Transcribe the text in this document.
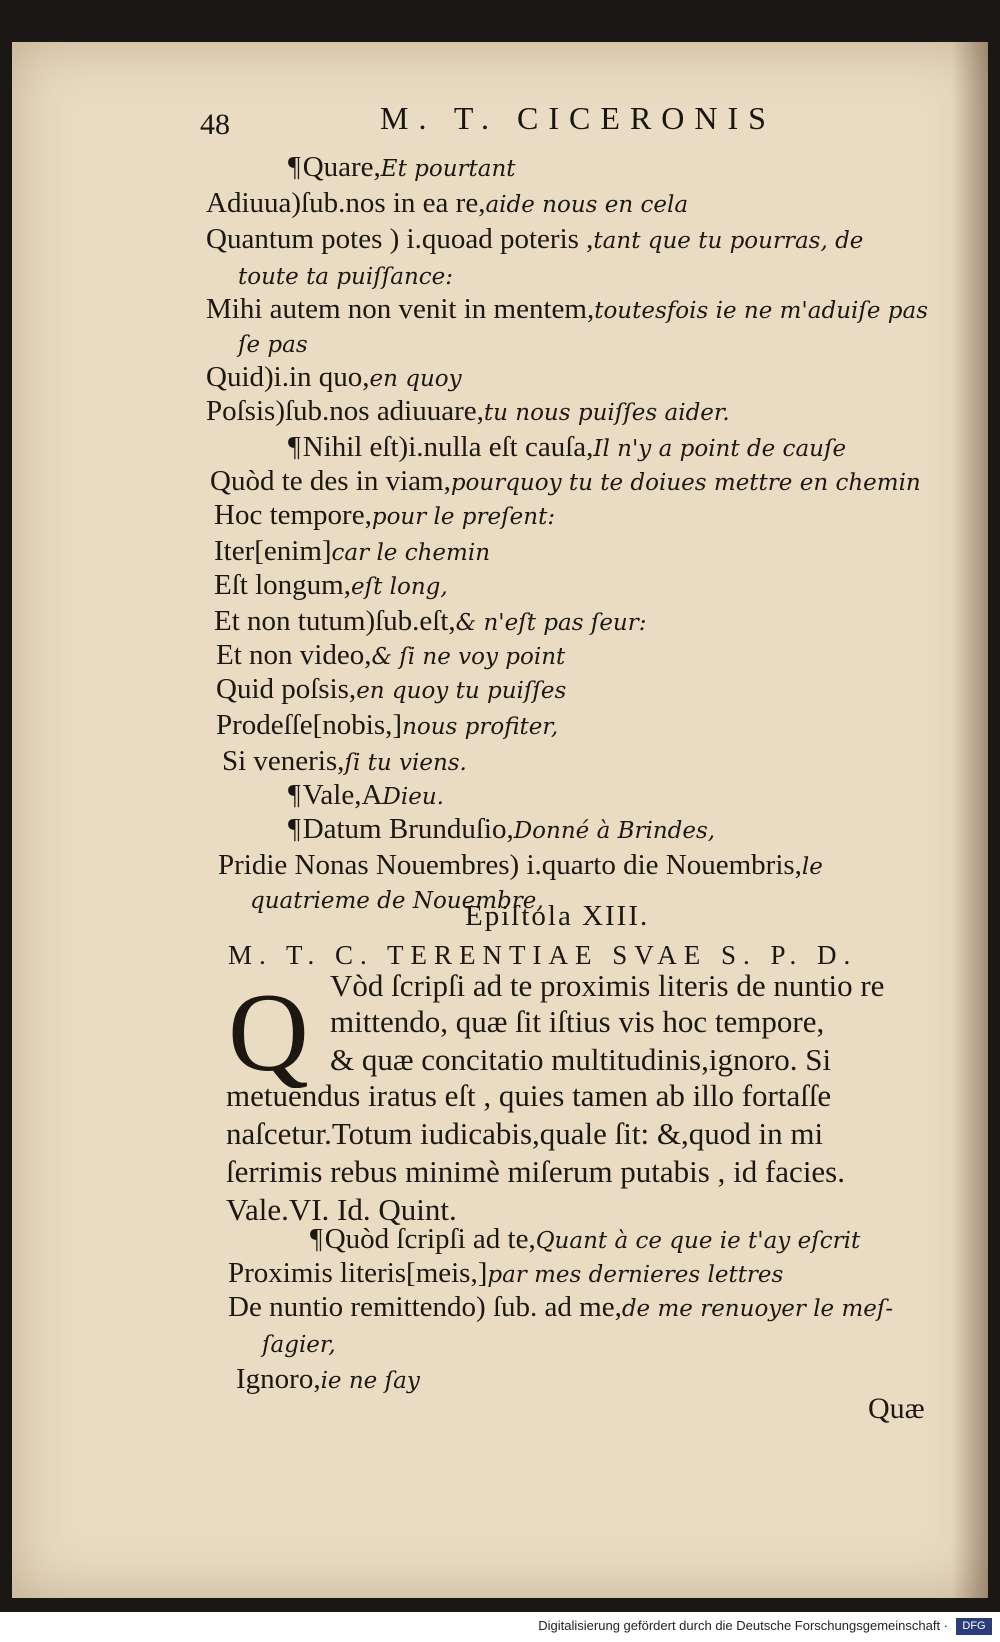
48	M. T. CICERONIS
¶Quare,Et pourtant
Adiuua)ſub.nos in ea re,aide nous en cela
Quantum potes ) i.quoad poteris ,tant que tu pourras, de
toute ta puiſſance:
Mihi autem non venit in mentem,toutesfois ie ne m'aduiſe pas
ſe pas
Quid)i.in quo,en quoy
Poſsis)ſub.nos adiuuare,tu nous puiſſes aider.
¶Nihil eſt)i.nulla eſt cauſa,Il n'y a point de cauſe
Quòd te des in viam,pourquoy tu te doiues mettre en chemin
Hoc tempore,pour le preſent:
Iter[enim]car le chemin
Eſt longum,eſt long,
Et non tutum)ſub.eſt,& n'eſt pas ſeur:
Et non video,& ſi ne voy point
Quid poſsis,en quoy tu puiſſes
Prodeſſe[nobis,]nous profiter,
Si veneris,ſi tu viens.
¶Vale,ADieu.
¶Datum Brunduſio,Donné à Brindes,
Pridie Nonas Nouembres) i.quarto die Nouembris,le
quatrieme de Nouembre,
Epiſtola XIII.
M. T. C. TERENTIAE SVAE S. P. D.
Q Vòd ſcripſi ad te proximis literis de nuntio re
mittendo, quæ ſit iſtius vis hoc tempore,
& quæ concitatio multitudinis,ignoro. Si
metuendus iratus eſt , quies tamen ab illo fortaſſe
naſcetur.Totum iudicabis,quale ſit: &,quod in mi
ſerrimis rebus minimè miſerum putabis , id facies.
Vale.VI. Id. Quint.
¶Quòd ſcripſi ad te,Quant à ce que ie t'ay eſcrit
Proximis literis[meis,]par mes dernieres lettres
De nuntio remittendo) ſub. ad me,de me renuoyer le meſ-
ſagier,
Ignoro,ie ne ſay
Quæ
Digitalisierung gefördert durch die Deutsche Forschungsgemeinschaft ·	DFG
